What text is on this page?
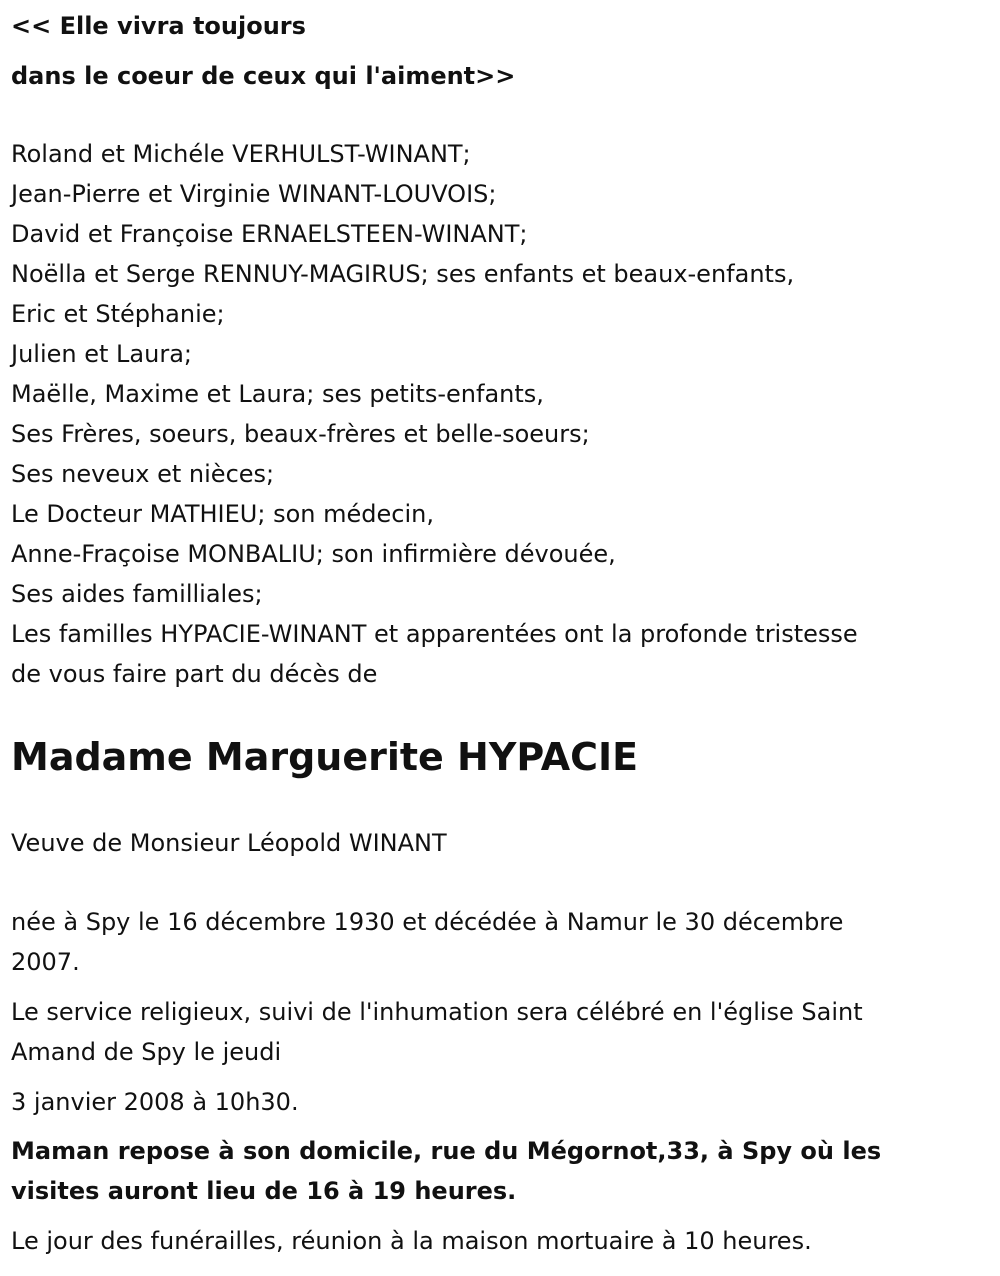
<< Elle vivra toujours
dans le coeur de ceux qui l'aiment>>

Roland et Michéle VERHULST-WINANT;

Jean-Pierre et Virginie WINANT-LOUVOIS;

David et Françoise ERNAELSTEEN-WINANT;

Noëlla et Serge RENNUY-MAGIRUS; ses enfants et beaux-enfants,

Eric et Stéphanie;

Julien et Laura;

Maëlle, Maxime et Laura; ses petits-enfants,

Ses Frères, soeurs, beaux-frères et belle-soeurs;

Ses neveux et nièces;

Le Docteur MATHIEU; son médecin,

Anne-Fraçoise MONBALIU; son infirmière dévouée,

Ses aides familliales;

Les familles HYPACIE-WINANT et apparentées ont la profonde tristesse

de vous faire part du décès de

Madame Marguerite HYPACIE

Veuve de Monsieur Léopold WINANT

née à Spy le 16 décembre 1930 et décédée à Namur le 30 décembre

2007.

Le service religieux, suivi de l'inhumation sera célébré en l'église Saint

Amand de Spy le jeudi

3 janvier 2008 à 10h30.

Maman repose à son domicile, rue du Mégornot,33, à Spy où les

visites auront lieu de 16 à 19 heures.

Le jour des funérailles, réunion à la maison mortuaire à 10 heures.
